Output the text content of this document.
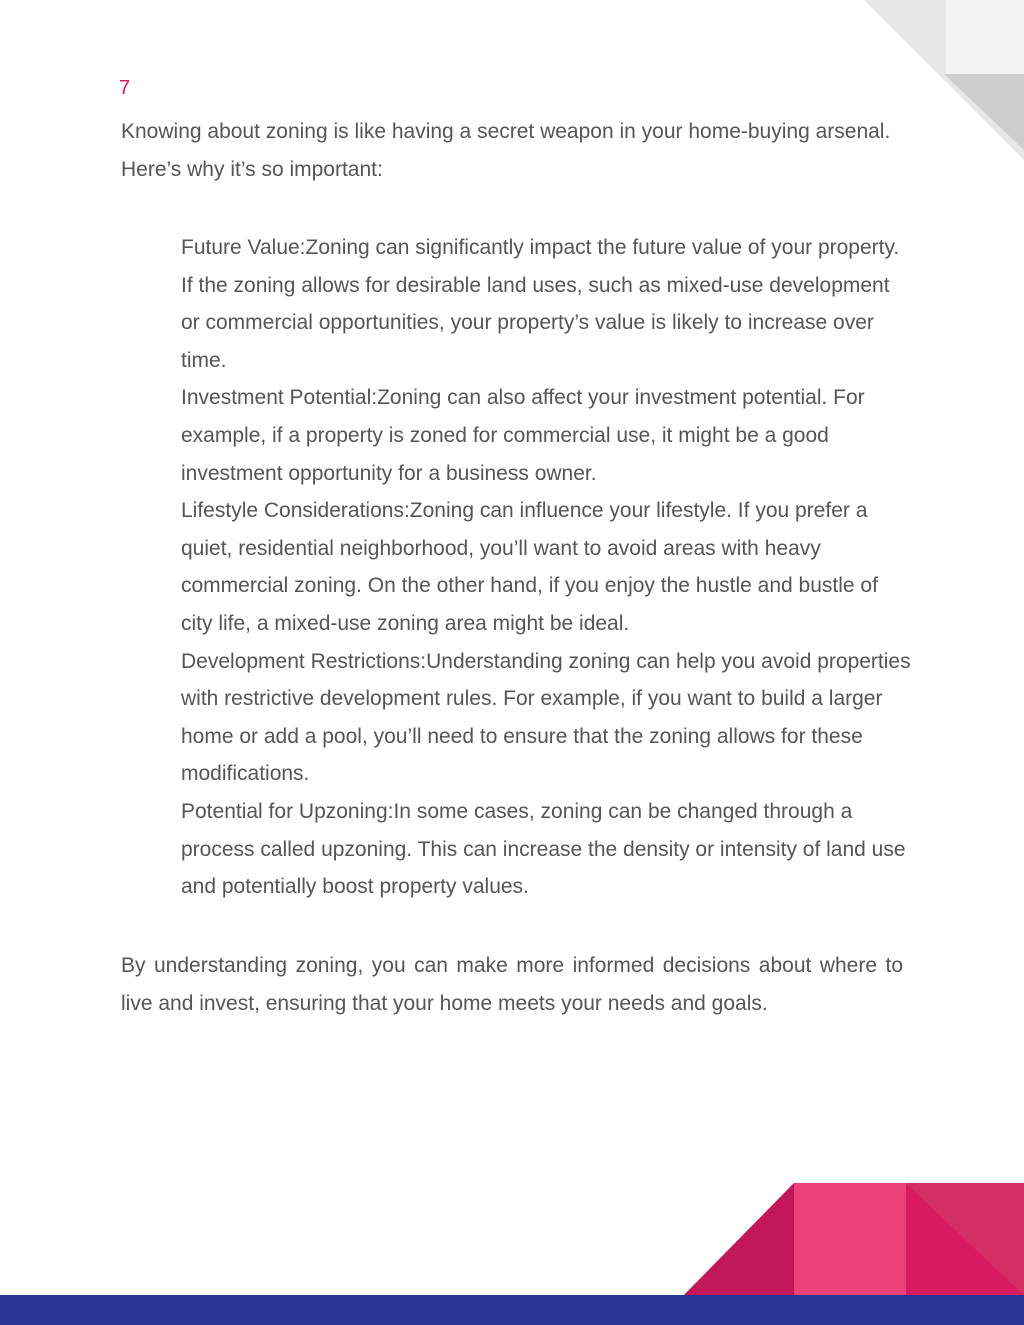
7

Knowing about zoning is like having a secret weapon in your home-buying arsenal. Here’s why it’s so important:

Future Value:Zoning can significantly impact the future value of your property. If the zoning allows for desirable land uses, such as mixed-use development or commercial opportunities, your property’s value is likely to increase over time.
Investment Potential:Zoning can also affect your investment potential. For example, if a property is zoned for commercial use, it might be a good investment opportunity for a business owner.
Lifestyle Considerations:Zoning can influence your lifestyle. If you prefer a quiet, residential neighborhood, you’ll want to avoid areas with heavy commercial zoning. On the other hand, if you enjoy the hustle and bustle of city life, a mixed-use zoning area might be ideal.
Development Restrictions:Understanding zoning can help you avoid properties with restrictive development rules. For example, if you want to build a larger home or add a pool, you’ll need to ensure that the zoning allows for these modifications.
Potential for Upzoning:In some cases, zoning can be changed through a process called upzoning. This can increase the density or intensity of land use and potentially boost property values.

By understanding zoning, you can make more informed decisions about where to live and invest, ensuring that your home meets your needs and goals.
